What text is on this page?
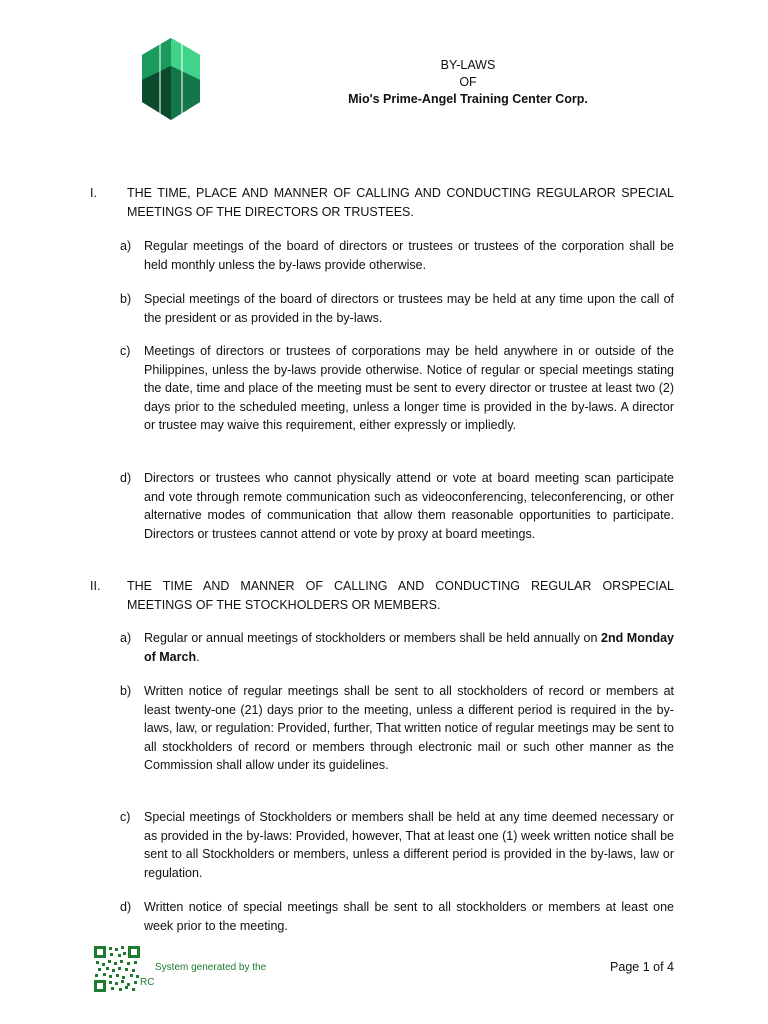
BY-LAWS
OF
Mio's Prime-Angel Training Center Corp.
I. THE TIME, PLACE AND MANNER OF CALLING AND CONDUCTING REGULAROR SPECIAL MEETINGS OF THE DIRECTORS OR TRUSTEES.
a) Regular meetings of the board of directors or trustees or trustees of the corporation shall be held monthly unless the by-laws provide otherwise.
b) Special meetings of the board of directors or trustees may be held at any time upon the call of the president or as provided in the by-laws.
c) Meetings of directors or trustees of corporations may be held anywhere in or outside of the Philippines, unless the by-laws provide otherwise. Notice of regular or special meetings stating the date, time and place of the meeting must be sent to every director or trustee at least two (2) days prior to the scheduled meeting, unless a longer time is provided in the by-laws. A director or trustee may waive this requirement, either expressly or impliedly.
d) Directors or trustees who cannot physically attend or vote at board meeting scan participate and vote through remote communication such as videoconferencing, teleconferencing, or other alternative modes of communication that allow them reasonable opportunities to participate. Directors or trustees cannot attend or vote by proxy at board meetings.
II. THE TIME AND MANNER OF CALLING AND CONDUCTING REGULAR ORSPECIAL MEETINGS OF THE STOCKHOLDERS OR MEMBERS.
a) Regular or annual meetings of stockholders or members shall be held annually on 2nd Monday of March.
b) Written notice of regular meetings shall be sent to all stockholders of record or members at least twenty-one (21) days prior to the meeting, unless a different period is required in the by-laws, law, or regulation: Provided, further, That written notice of regular meetings may be sent to all stockholders of record or members through electronic mail or such other manner as the Commission shall allow under its guidelines.
c) Special meetings of Stockholders or members shall be held at any time deemed necessary or as provided in the by-laws: Provided, however, That at least one (1) week written notice shall be sent to all Stockholders or members, unless a different period is provided in the by-laws, law or regulation.
d) Written notice of special meetings shall be sent to all stockholders or members at least one week prior to the meeting.
System generated by the
RC
Page 1 of 4
